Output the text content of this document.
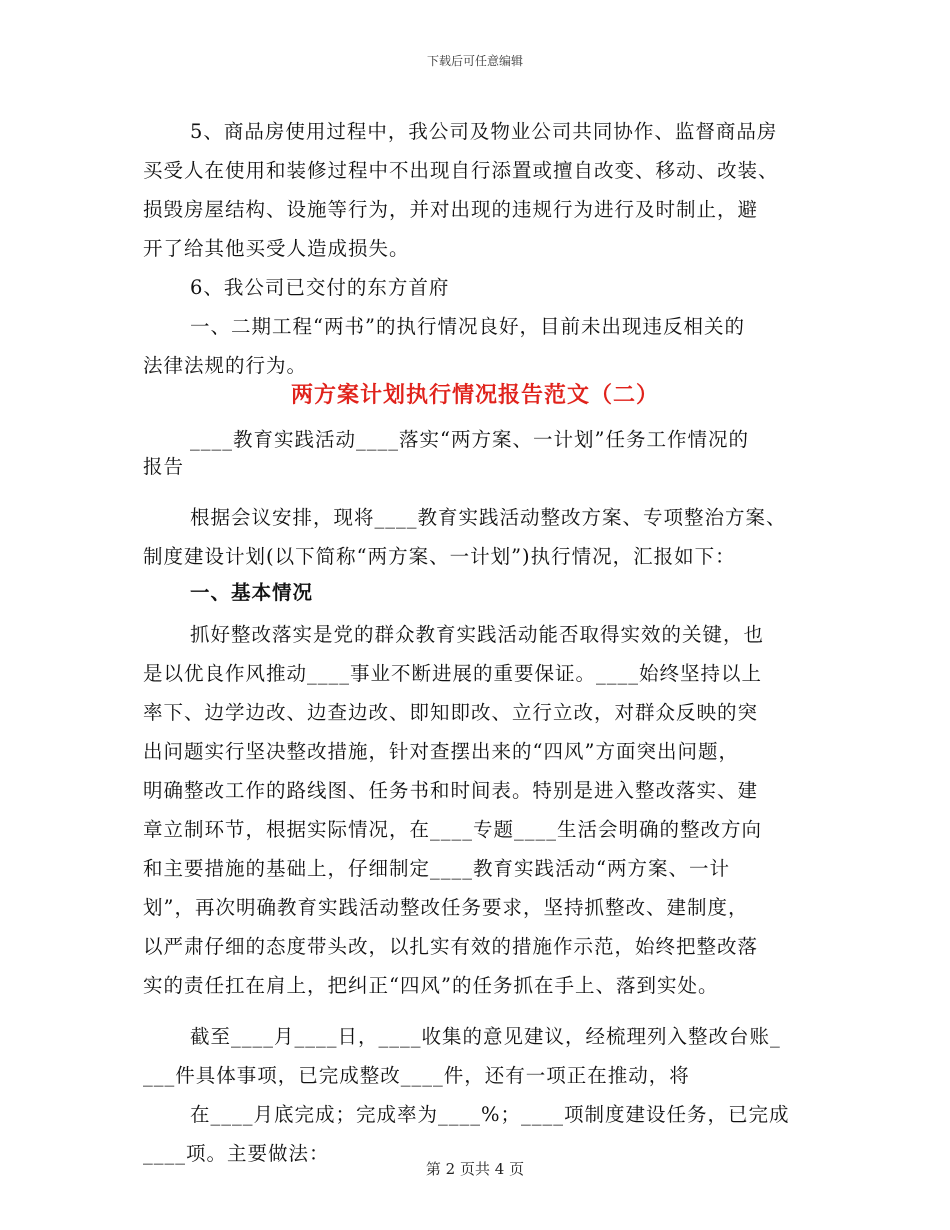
下载后可任意编辑
5、商品房使用过程中，我公司及物业公司共同协作、监督商品房
买受人在使用和装修过程中不出现自行添置或擅自改变、移动、改装、
损毁房屋结构、设施等行为，并对出现的违规行为进行及时制止，避
开了给其他买受人造成损失。
6、我公司已交付的东方首府
一、二期工程“两书”的执行情况良好，目前未出现违反相关的
法律法规的行为。
两方案计划执行情况报告范文（二）
____教育实践活动____落实“两方案、一计划”任务工作情况的
报告
根据会议安排，现将____教育实践活动整改方案、专项整治方案、
制度建设计划(以下简称“两方案、一计划”)执行情况，汇报如下：
一、基本情况
抓好整改落实是党的群众教育实践活动能否取得实效的关键，也
是以优良作风推动____事业不断进展的重要保证。____始终坚持以上
率下、边学边改、边查边改、即知即改、立行立改，对群众反映的突
出问题实行坚决整改措施，针对查摆出来的“四风”方面突出问题，
明确整改工作的路线图、任务书和时间表。特别是进入整改落实、建
章立制环节，根据实际情况，在____专题____生活会明确的整改方向
和主要措施的基础上，仔细制定____教育实践活动“两方案、一计
划”，再次明确教育实践活动整改任务要求，坚持抓整改、建制度，
以严肃仔细的态度带头改，以扎实有效的措施作示范，始终把整改落
实的责任扛在肩上，把纠正“四风”的任务抓在手上、落到实处。
截至____月____日，____收集的意见建议，经梳理列入整改台账_
___件具体事项，已完成整改____件，还有一项正在推动，将
在____月底完成；完成率为____%；____项制度建设任务，已完成
____项。主要做法：
第 2 页共 4 页
